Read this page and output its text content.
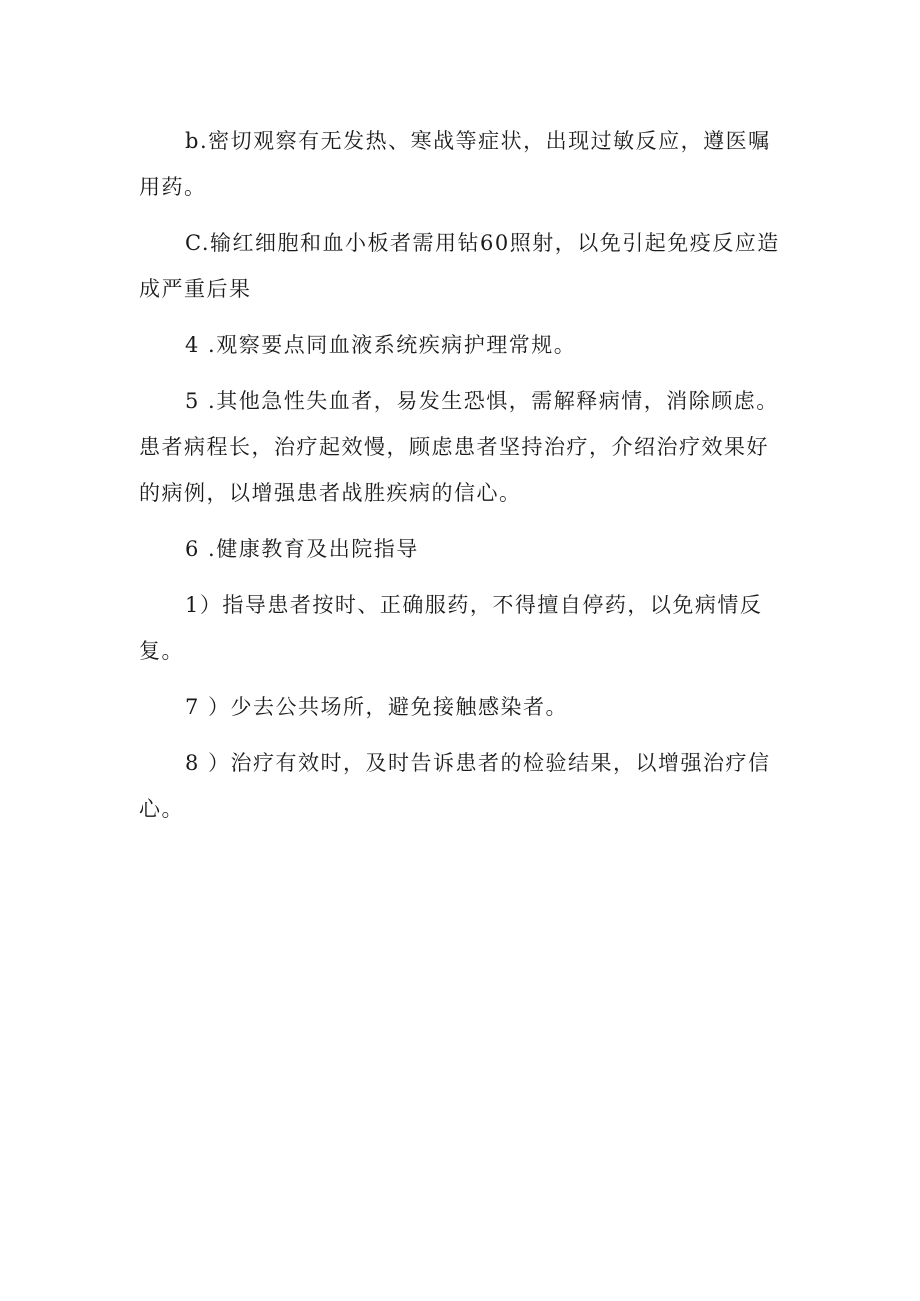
b.密切观察有无发热、寒战等症状，出现过敏反应，遵医嘱用药。

C.输红细胞和血小板者需用钻60照射，以免引起免疫反应造成严重后果

4 .观察要点同血液系统疾病护理常规。

5 .其他急性失血者，易发生恐惧，需解释病情，消除顾虑。患者病程长，治疗起效慢，顾虑患者坚持治疗，介绍治疗效果好的病例，以增强患者战胜疾病的信心。

6 .健康教育及出院指导

1）指导患者按时、正确服药，不得擅自停药，以免病情反复。

7 ）少去公共场所，避免接触感染者。

8 ）治疗有效时，及时告诉患者的检验结果，以增强治疗信心。
